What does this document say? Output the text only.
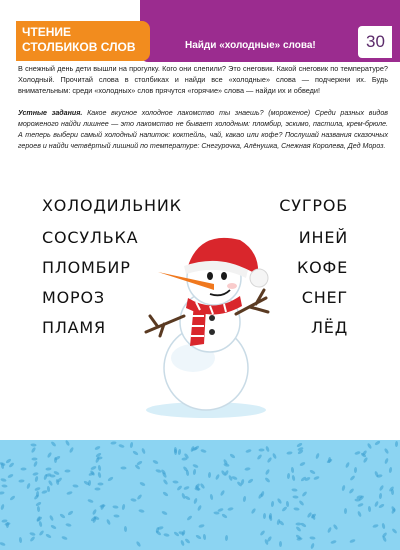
ЧТЕНИЕ
СТОЛБИКОВ СЛОВ	Найди «холодные» слова!	30
В снежный день дети вышли на прогулку. Кого они слепили? Это снеговик. Какой снеговик по температуре? Холодный. Прочитай слова в столбиках и найди все «холодные» слова — подчеркни их. Будь внимательным: среди «холодных» слов прячутся «горячие» слова — найди их и обведи!
Устные задания. Какое вкусное холодное лакомство ты знаешь? (мороженое) Среди разных видов мороженого найди лишнее — это лакомство не бывает холодным: пломбир, эскимо, пастила, крем-брюле. А теперь выбери самый холодный напиток: коктейль, чай, какао или кофе? Послушай названия сказочных героев и найди четвёртый лишний по температуре: Снегурочка, Алёнушка, Снежная Королева, Дед Мороз.
ХОЛОДИЛЬНИК
СОСУЛЬКА
ПЛОМБИР
МОРОЗ
ПЛАМЯ
СУГРОБ
ИНЕЙ
КОФЕ
СНЕГ
ЛЁД
